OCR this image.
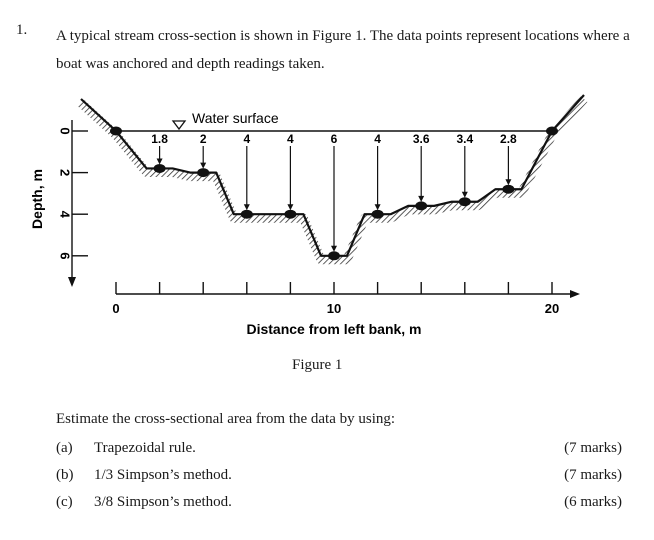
1. A typical stream cross-section is shown in Figure 1. The data points represent locations where a boat was anchored and depth readings taken.
Water surface
0
2
4
6
Depth, m
0	10	20
Distance from left bank, m
1.8	2	4	4	6	4	3.6 3.4 2.8
Figure 1
Estimate the cross-sectional area from the data by using:
(a) Trapezoidal rule.	(7 marks)
(b) 1/3 Simpson’s method.	(7 marks)
(c) 3/8 Simpson’s method.	(6 marks)
